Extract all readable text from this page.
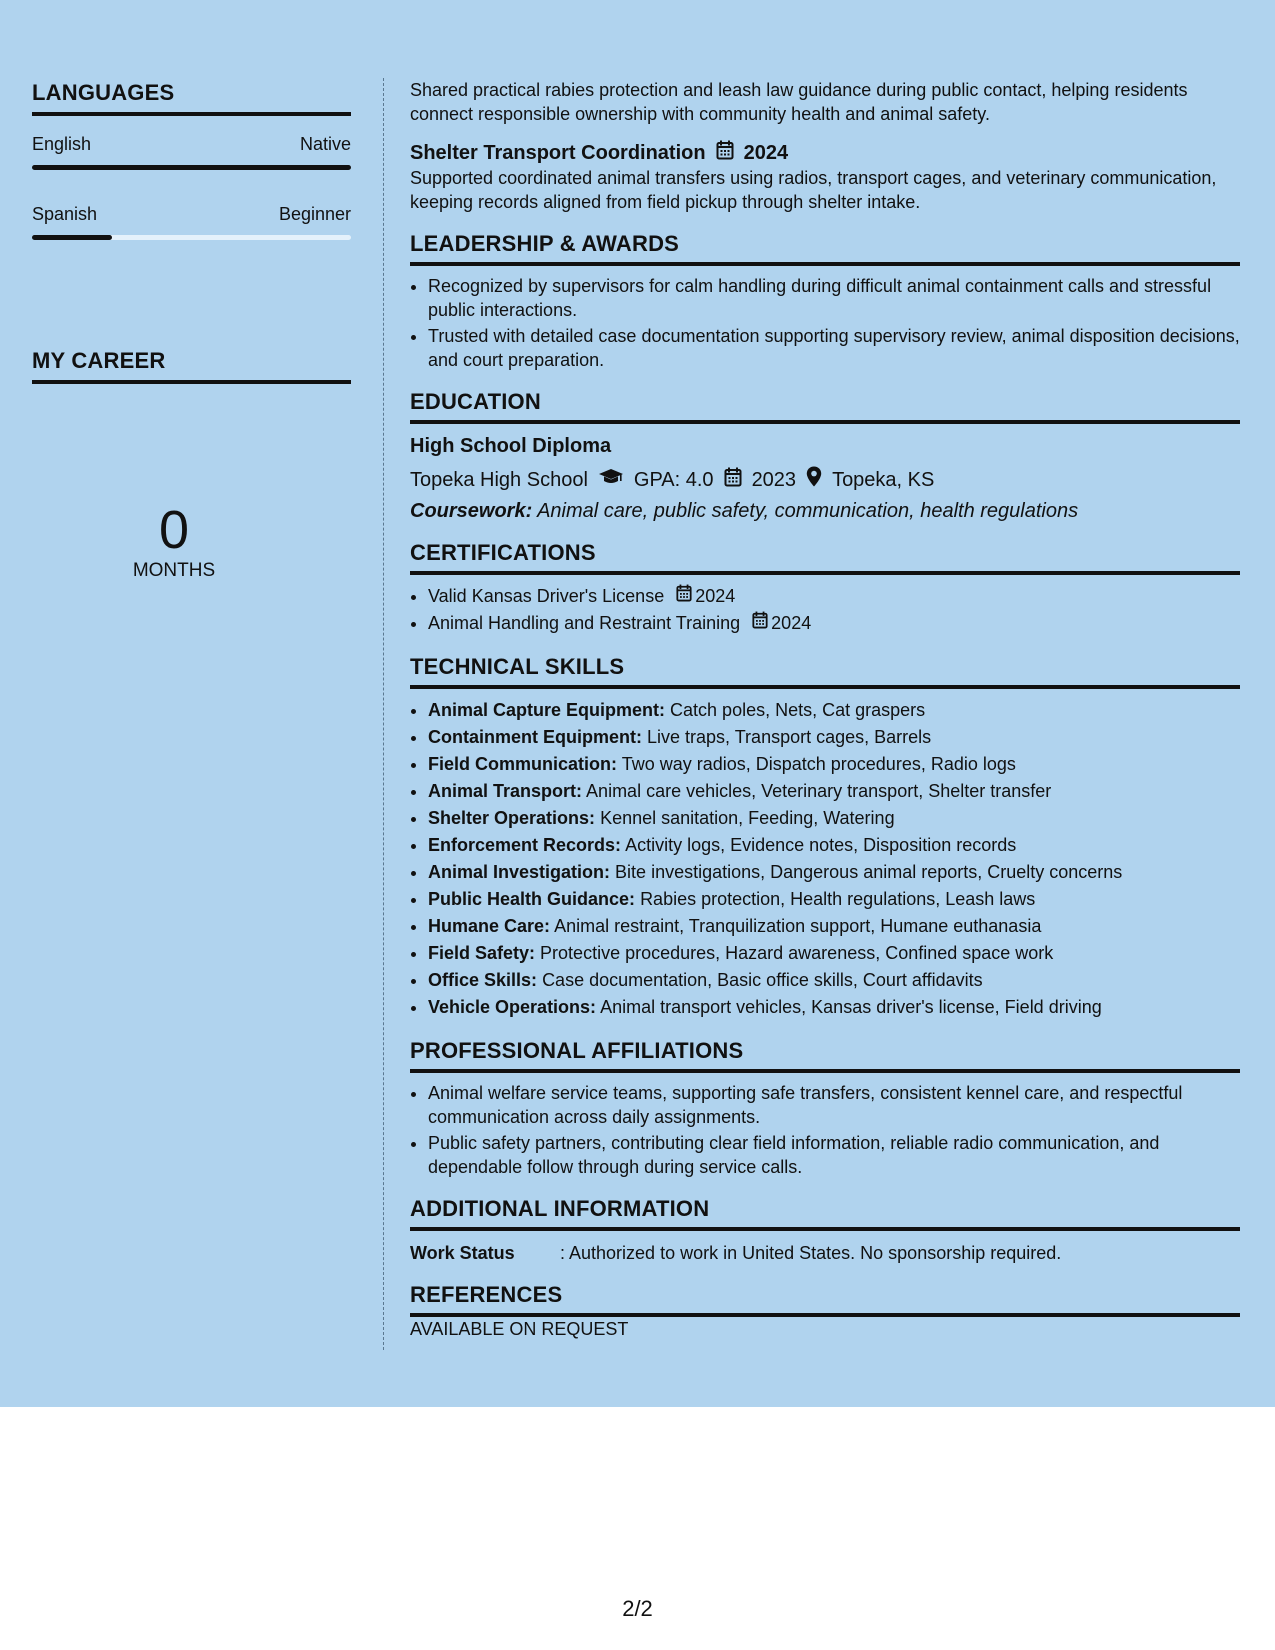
LANGUAGES
English	Native
Spanish	Beginner
MY CAREER
0
MONTHS

Shared practical rabies protection and leash law guidance during public contact, helping residents connect responsible ownership with community health and animal safety.

Shelter Transport Coordination 2024

Supported coordinated animal transfers using radios, transport cages, and veterinary communication, keeping records aligned from field pickup through shelter intake.

LEADERSHIP & AWARDS
• Recognized by supervisors for calm handling during difficult animal containment calls and stressful public interactions.
• Trusted with detailed case documentation supporting supervisory review, animal disposition decisions, and court preparation.
EDUCATION
High School Diploma
Topeka High School GPA: 4.0 2023 Topeka, KS
Coursework: Animal care, public safety, communication, health regulations
CERTIFICATIONS
• Valid Kansas Driver's License 2024
• Animal Handling and Restraint Training 2024
TECHNICAL SKILLS
• Animal Capture Equipment: Catch poles, Nets, Cat graspers
• Containment Equipment: Live traps, Transport cages, Barrels
• Field Communication: Two way radios, Dispatch procedures, Radio logs
• Animal Transport: Animal care vehicles, Veterinary transport, Shelter transfer
• Shelter Operations: Kennel sanitation, Feeding, Watering
• Enforcement Records: Activity logs, Evidence notes, Disposition records
• Animal Investigation: Bite investigations, Dangerous animal reports, Cruelty concerns
• Public Health Guidance: Rabies protection, Health regulations, Leash laws
• Humane Care: Animal restraint, Tranquilization support, Humane euthanasia
• Field Safety: Protective procedures, Hazard awareness, Confined space work
• Office Skills: Case documentation, Basic office skills, Court affidavits
• Vehicle Operations: Animal transport vehicles, Kansas driver's license, Field driving
PROFESSIONAL AFFILIATIONS
• Animal welfare service teams, supporting safe transfers, consistent kennel care, and respectful communication across daily assignments.
• Public safety partners, contributing clear field information, reliable radio communication, and dependable follow through during service calls.
ADDITIONAL INFORMATION
Work Status	: Authorized to work in United States. No sponsorship required.
REFERENCES

AVAILABLE ON REQUEST

2/2
